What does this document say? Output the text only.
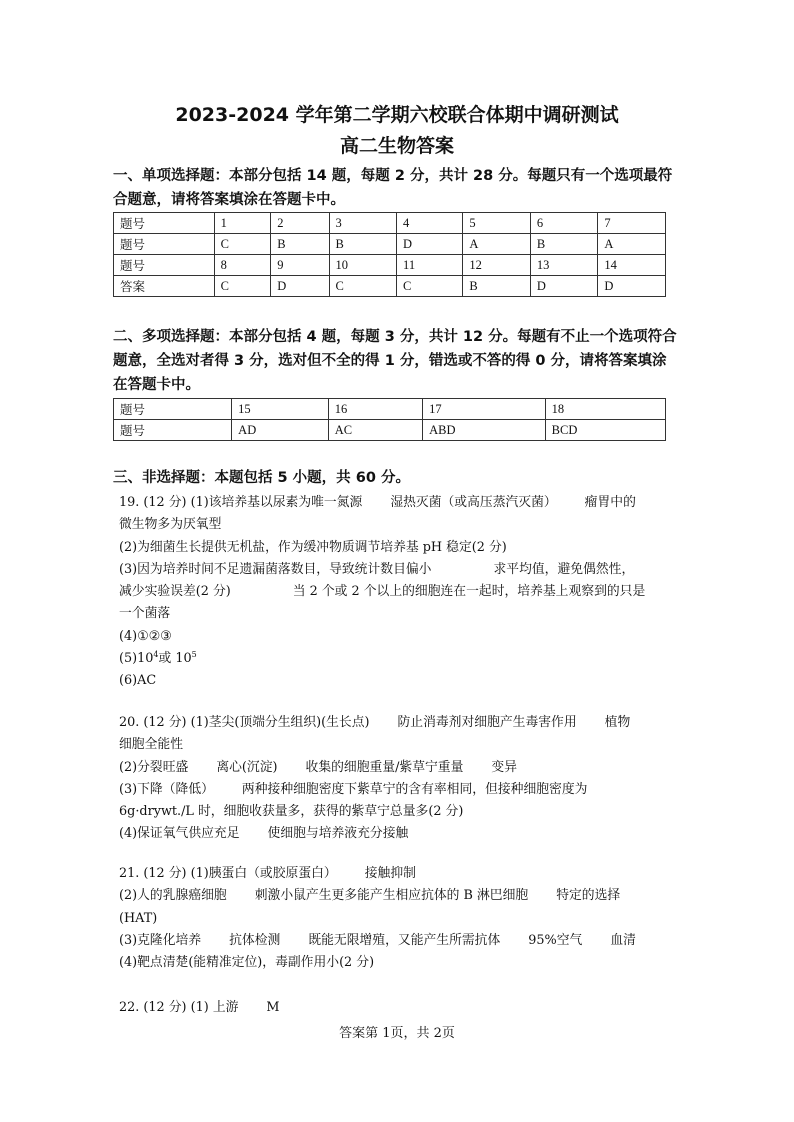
2023-2024 学年第二学期六校联合体期中调研测试
高二生物答案
一、单项选择题：本部分包括 14 题，每题 2 分，共计 28 分。每题只有一个选项最符合题意，请将答案填涂在答题卡中。
题号	1	2	3	4	5	6	7
题号	C	B	B	D	A	B	A
题号	8	9	10	11	12	13	14
答案	C	D	C	C	B	D	D
二、多项选择题：本部分包括 4 题，每题 3 分，共计 12 分。每题有不止一个选项符合题意，全选对者得 3 分，选对但不全的得 1 分，错选或不答的得 0 分，请将答案填涂在答题卡中。
题号	15	16	17	18
题号	AD	AC	ABD	BCD
三、非选择题：本题包括 5 小题，共 60 分。

19. (12 分) (1)该培养基以尿素为唯一氮源 湿热灭菌（或高压蒸汽灭菌） 瘤胃中的

微生物多为厌氧型

(2)为细菌生长提供无机盐，作为缓冲物质调节培养基 pH 稳定(2 分)

(3)因为培养时间不足遗漏菌落数目，导致统计数目偏小	求平均值，避免偶然性，

减少实验误差(2 分)	当 2 个或 2 个以上的细胞连在一起时，培养基上观察到的只是

一个菌落

(4)①②③

$(5)10^4$或 $10^5$

(6)AC

20. (12 分) (1)茎尖(顶端分生组织)(生长点) 防止消毒剂对细胞产生毒害作用 植物

细胞全能性

(2)分裂旺盛 离心(沉淀) 收集的细胞重量/紫草宁重量 变异

(3)下降（降低） 两种接种细胞密度下紫草宁的含有率相同，但接种细胞密度为

6g·drywt./L 时，细胞收获量多，获得的紫草宁总量多(2 分)

(4)保证氧气供应充足 使细胞与培养液充分接触

21. (12 分) (1)胰蛋白（或胶原蛋白） 接触抑制

(2)人的乳腺癌细胞 刺激小鼠产生更多能产生相应抗体的 B 淋巴细胞 特定的选择

(HAT)

(3)克隆化培养 抗体检测 既能无限增殖，又能产生所需抗体 95%空气 血清

(4)靶点清楚(能精准定位)，毒副作用小(2 分)

22. (12 分) (1) 上游 M

答案第 1页，共 2页
